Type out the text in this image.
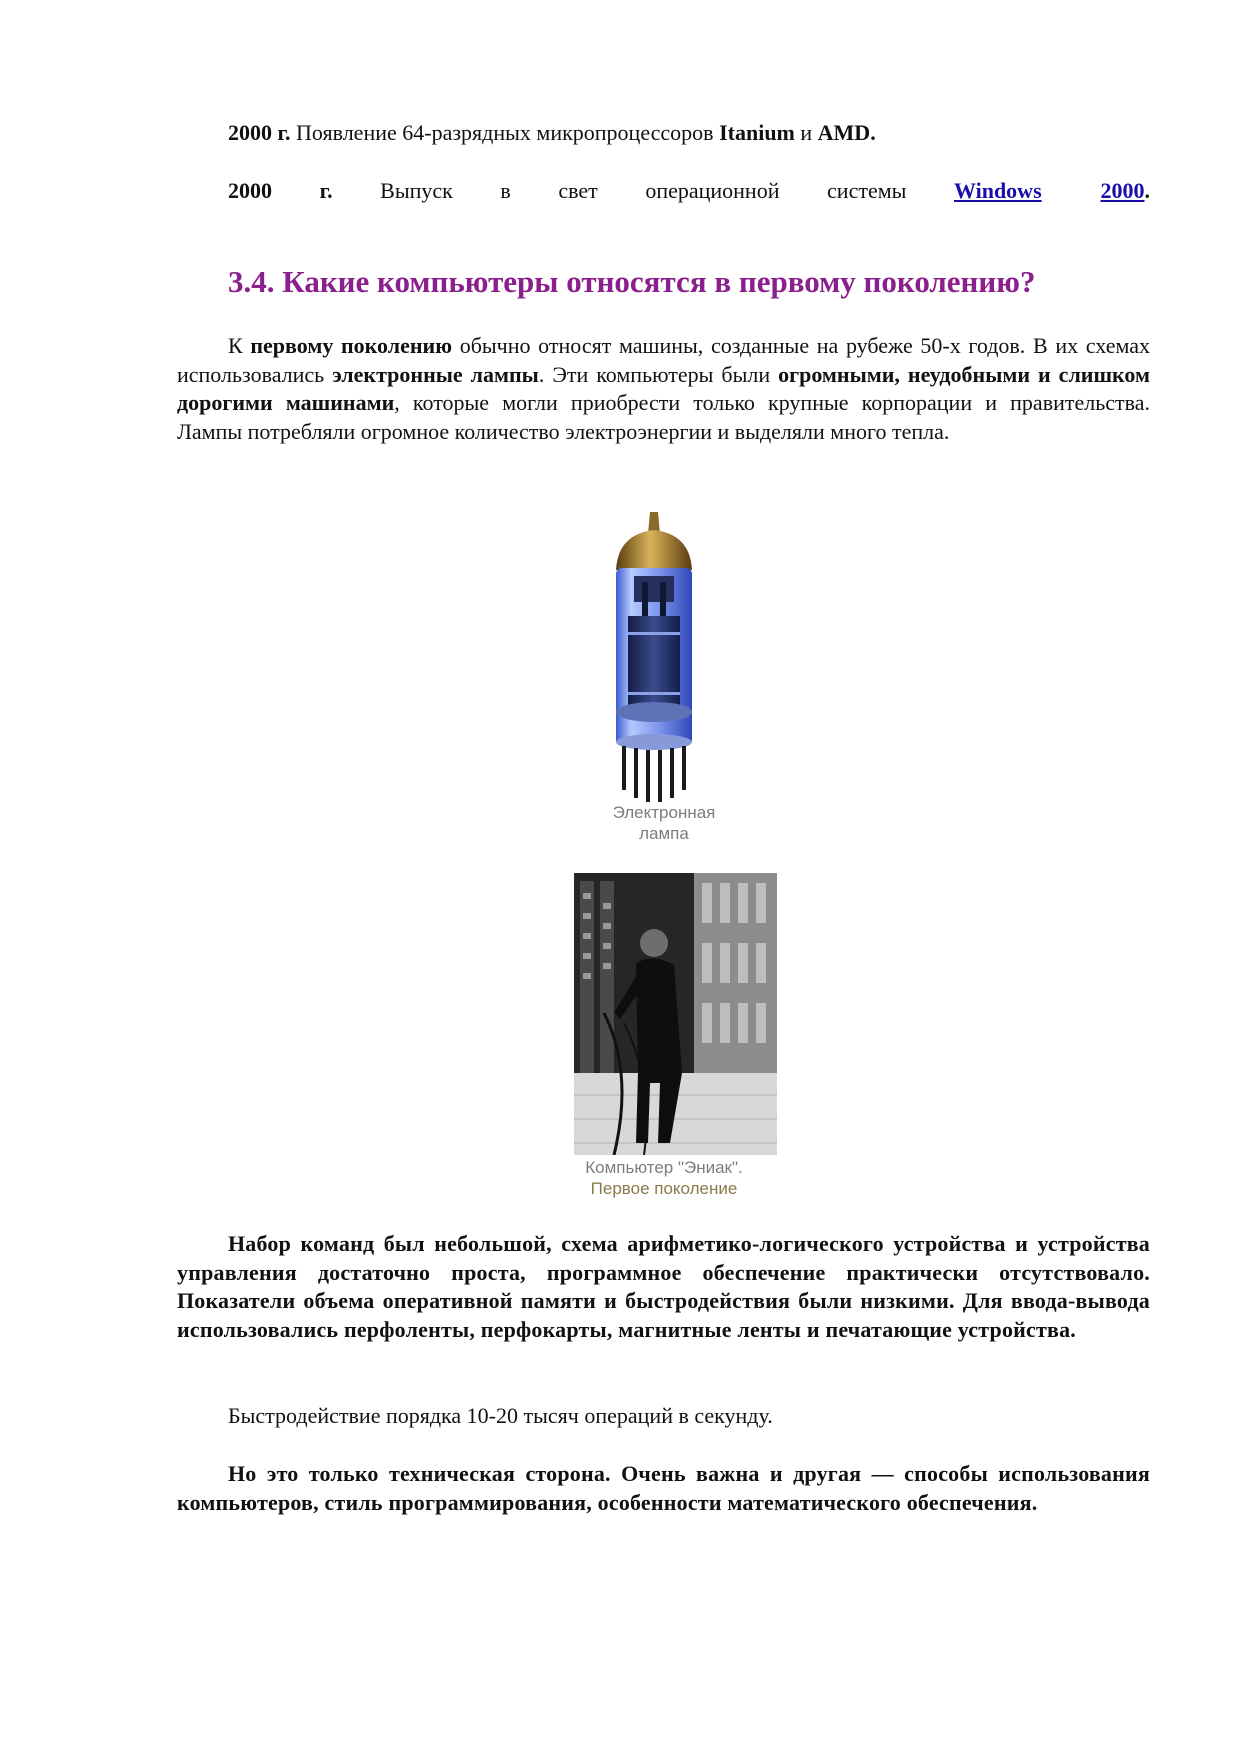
2000 г. Появление 64-разрядных микропроцессоров Itanium и AMD.
2000 г. Выпуск в свет операционной системы Windows	2000.
3.4. Какие компьютеры относятся в первому поколению?
К первому поколению обычно относят машины, созданные на рубеже 50-х годов. В их схемах использовались электронные лампы. Эти компьютеры были огромными, неудобными и слишком дорогими машинами, которые могли приобрести только крупные корпорации и правительства. Лампы потребляли огромное количество электроэнергии и выделяли много тепла.
Электронная
лампа
Компьютер "Эниак".
Первое поколение
Набор команд был небольшой, схема арифметико-логического устройства и устройства управления достаточно проста, программное обеспечение практически отсутствовало. Показатели объема оперативной памяти и быстродействия были низкими. Для ввода-вывода использовались перфоленты, перфокарты, магнитные ленты и печатающие устройства.
Быстродействие порядка 10-20 тысяч операций в секунду.
Но это только техническая сторона. Очень важна и другая — способы использования компьютеров, стиль программирования, особенности математического обеспечения.
